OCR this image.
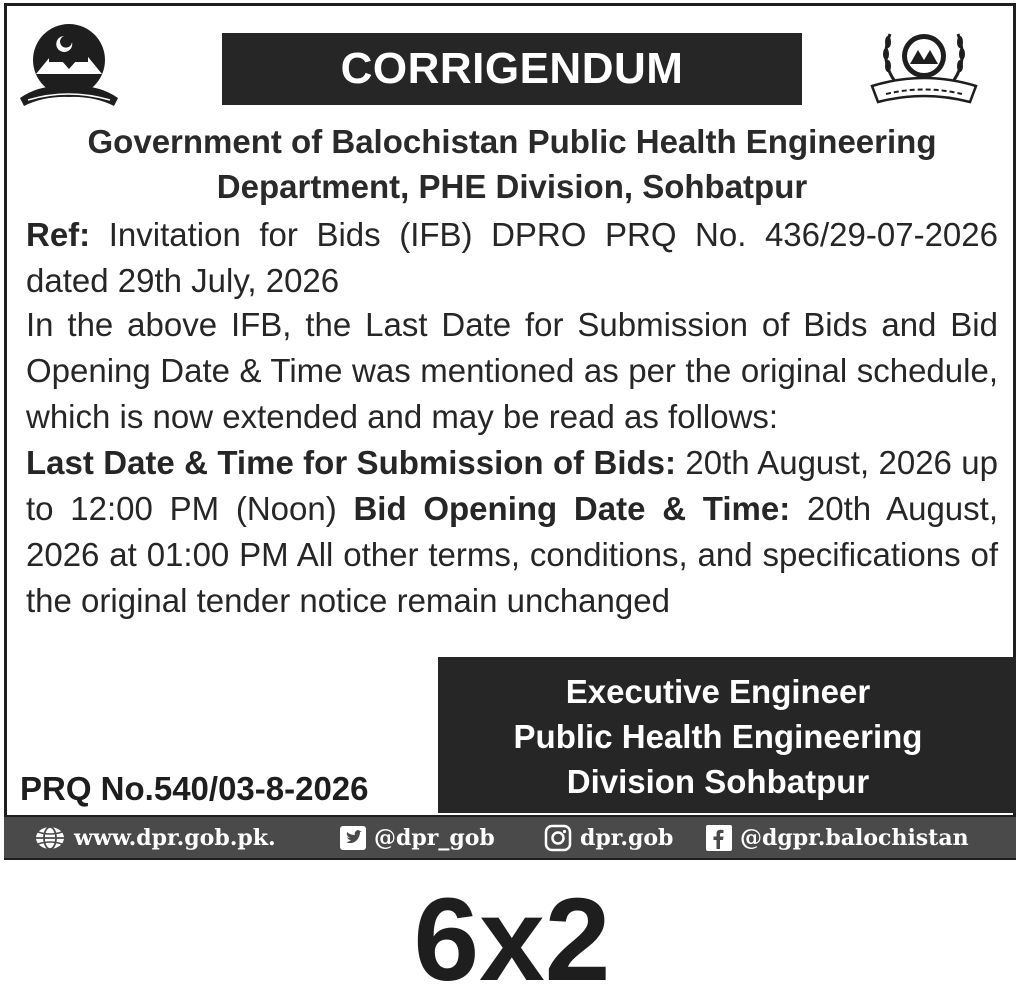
CORRIGENDUM
Government of Balochistan Public Health Engineering
Department, PHE Division, Sohbatpur
Ref: Invitation for Bids (IFB) DPRO PRQ No. 436/29-07-2026 dated 29th July, 2026
In the above IFB, the Last Date for Submission of Bids and Bid Opening Date & Time was mentioned as per the original schedule, which is now extended and may be read as follows:
Last Date & Time for Submission of Bids: 20th August, 2026 up to 12:00 PM (Noon) Bid Opening Date & Time: 20th August, 2026 at 01:00 PM All other terms, conditions, and specifications of the original tender notice remain unchanged
Executive Engineer
Public Health Engineering
Division Sohbatpur
PRQ No.540/03-8-2026
www.dpr.gob.pk.	@dpr_gob	dpr.gob	@dgpr.balochistan
6x2
